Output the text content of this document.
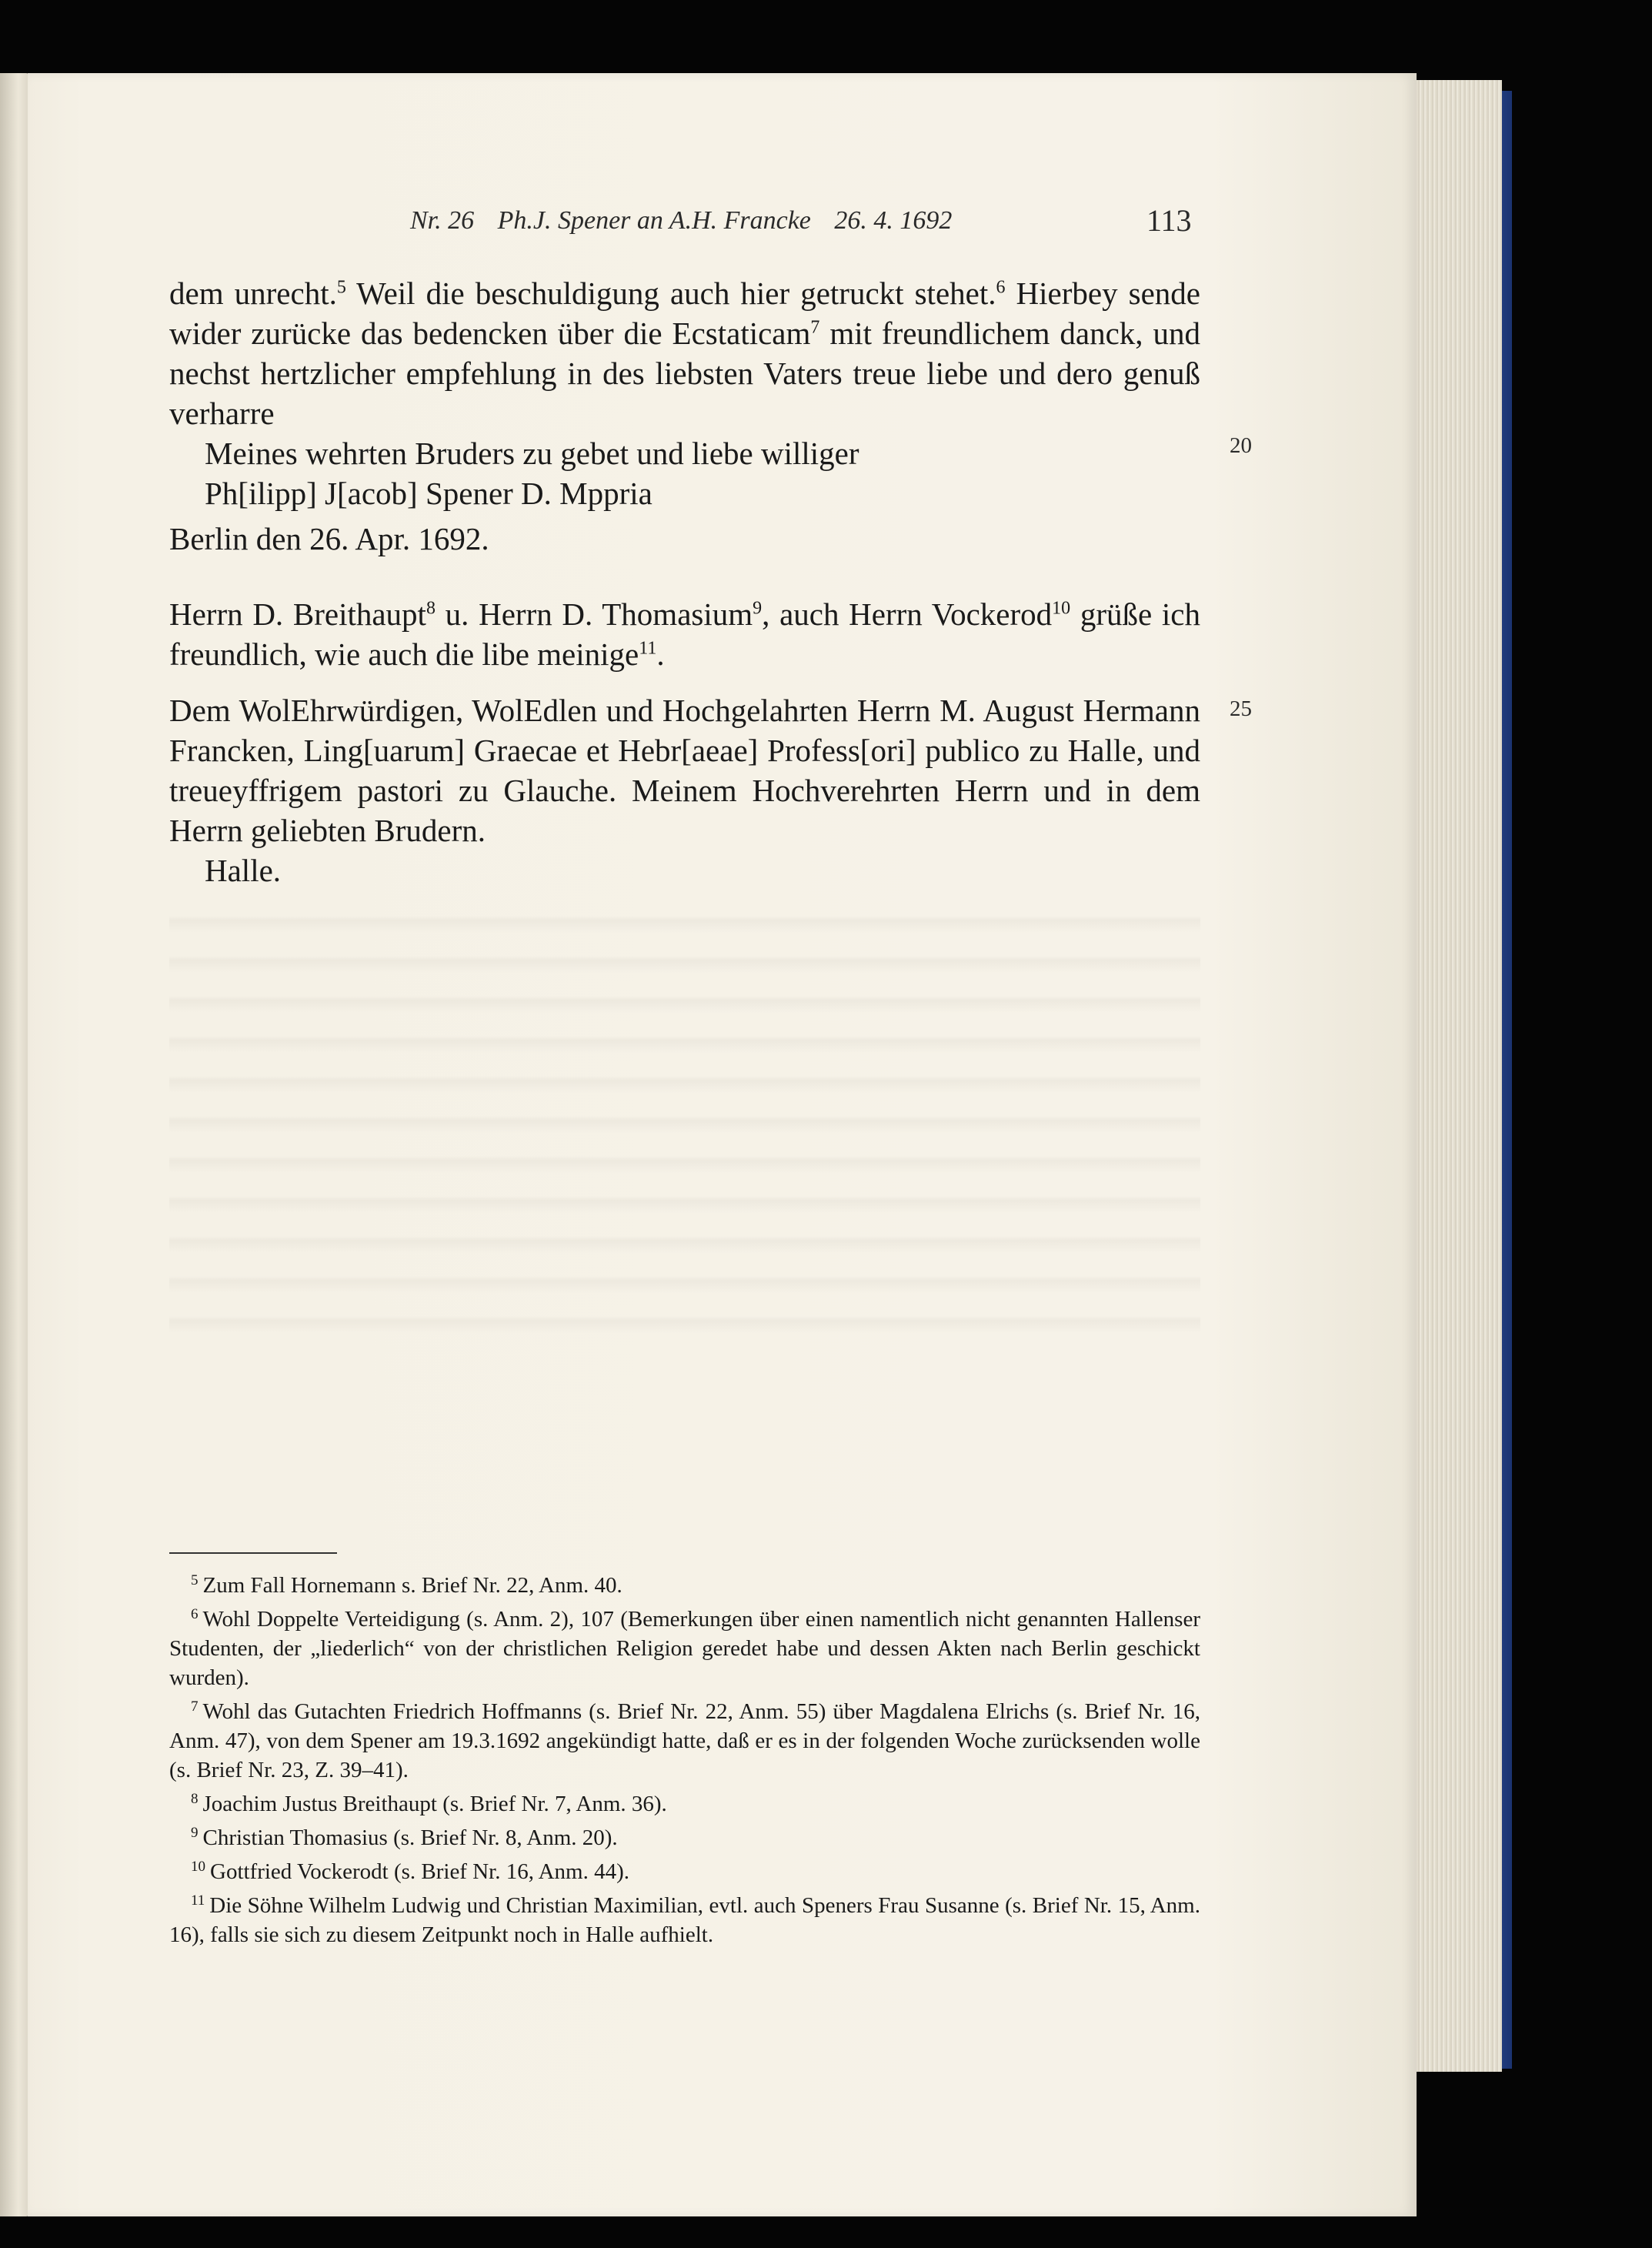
Nr. 26 Ph.J. Spener an A.H. Francke 26. 4. 1692	113

dem unrecht.$^5$ Weil die beschuldigung auch hier getruckt stehet.$^6$ Hierbey sende wider zurücke das bedencken über die Ecstaticam$^7$ mit freundlichem danck, und nechst hertzlicher empfehlung in des liebsten Vaters treue liebe und dero genuß verharre

Meines wehrten Bruders zu gebet und liebe williger

Ph[ilipp] J[acob] Spener D. Mppria

20

Berlin den 26. Apr. 1692.

Herrn D. Breithaupt$^8$ u. Herrn D. Thomasium$^9$, auch Herrn Vockerod$^{10}$ grüße ich freundlich, wie auch die libe meinige$^{11}$.

Dem WolEhrwürdigen, WolEdlen und Hochgelahrten Herrn M. August Hermann Francken, Ling[uarum] Graecae et Hebr[aeae] Profess[ori] publico zu Halle, und treueyffrigem pastori zu Glauche. Meinem Hochverehrten Herrn und in dem Herrn geliebten Brudern.

Halle.

25

$^5$ Zum Fall Hornemann s. Brief Nr. 22, Anm. 40.

$^6$ Wohl Doppelte Verteidigung (s. Anm. 2), 107 (Bemerkungen über einen namentlich nicht genannten Hallenser Studenten, der „liederlich“ von der christlichen Religion geredet habe und dessen Akten nach Berlin geschickt wurden).

$^7$ Wohl das Gutachten Friedrich Hoffmanns (s. Brief Nr. 22, Anm. 55) über Magdalena Elrichs (s. Brief Nr. 16, Anm. 47), von dem Spener am 19.3.1692 angekündigt hatte, daß er es in der folgenden Woche zurücksenden wolle (s. Brief Nr. 23, Z. 39–41).

$^8$ Joachim Justus Breithaupt (s. Brief Nr. 7, Anm. 36).

$^9$ Christian Thomasius (s. Brief Nr. 8, Anm. 20).

$^{10}$ Gottfried Vockerodt (s. Brief Nr. 16, Anm. 44).

$^{11}$ Die Söhne Wilhelm Ludwig und Christian Maximilian, evtl. auch Speners Frau Susanne (s. Brief Nr. 15, Anm. 16), falls sie sich zu diesem Zeitpunkt noch in Halle aufhielt.
